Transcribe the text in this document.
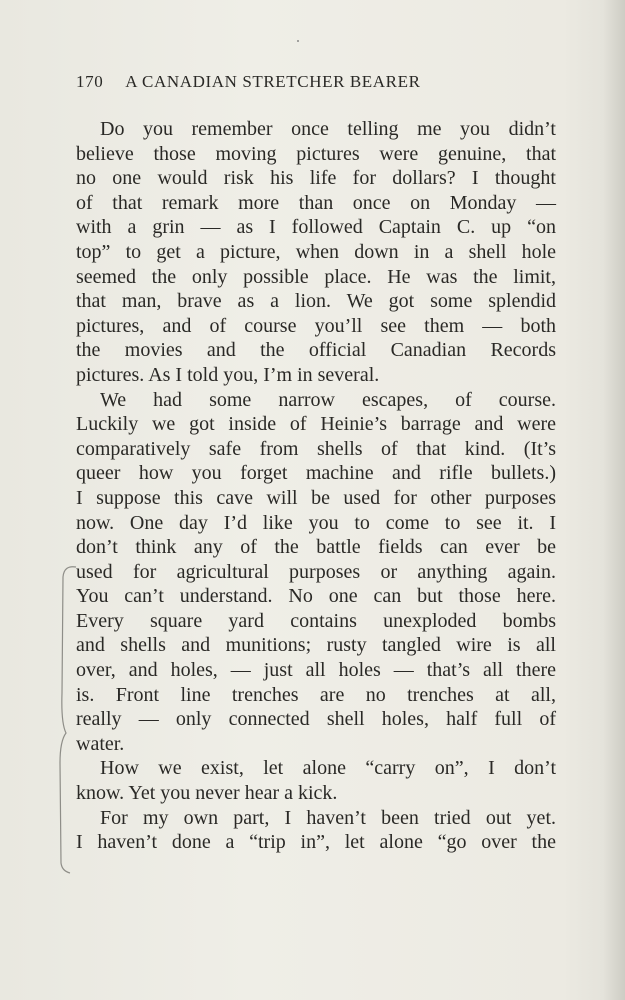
170 A CANADIAN STRETCHER BEARER
Do you remember once telling me you didn’t
believe those moving pictures were genuine, that
no one would risk his life for dollars? I thought
of that remark more than once on Monday —
with a grin — as I followed Captain C. up “on
top” to get a picture, when down in a shell hole
seemed the only possible place. He was the limit,
that man, brave as a lion. We got some splendid
pictures, and of course you’ll see them — both
the movies and the official Canadian Records
pictures. As I told you, I’m in several.
We had some narrow escapes, of course.
Luckily we got inside of Heinie’s barrage and were
comparatively safe from shells of that kind. (It’s
queer how you forget machine and rifle bullets.)
I suppose this cave will be used for other purposes
now. One day I’d like you to come to see it. I
don’t think any of the battle fields can ever be
used for agricultural purposes or anything again.
You can’t understand. No one can but those here.
Every square yard contains unexploded bombs
and shells and munitions; rusty tangled wire is all
over, and holes, — just all holes — that’s all there
is. Front line trenches are no trenches at all,
really — only connected shell holes, half full of
water.
How we exist, let alone “carry on”, I don’t
know. Yet you never hear a kick.
For my own part, I haven’t been tried out yet.
I haven’t done a “trip in”, let alone “go over the
